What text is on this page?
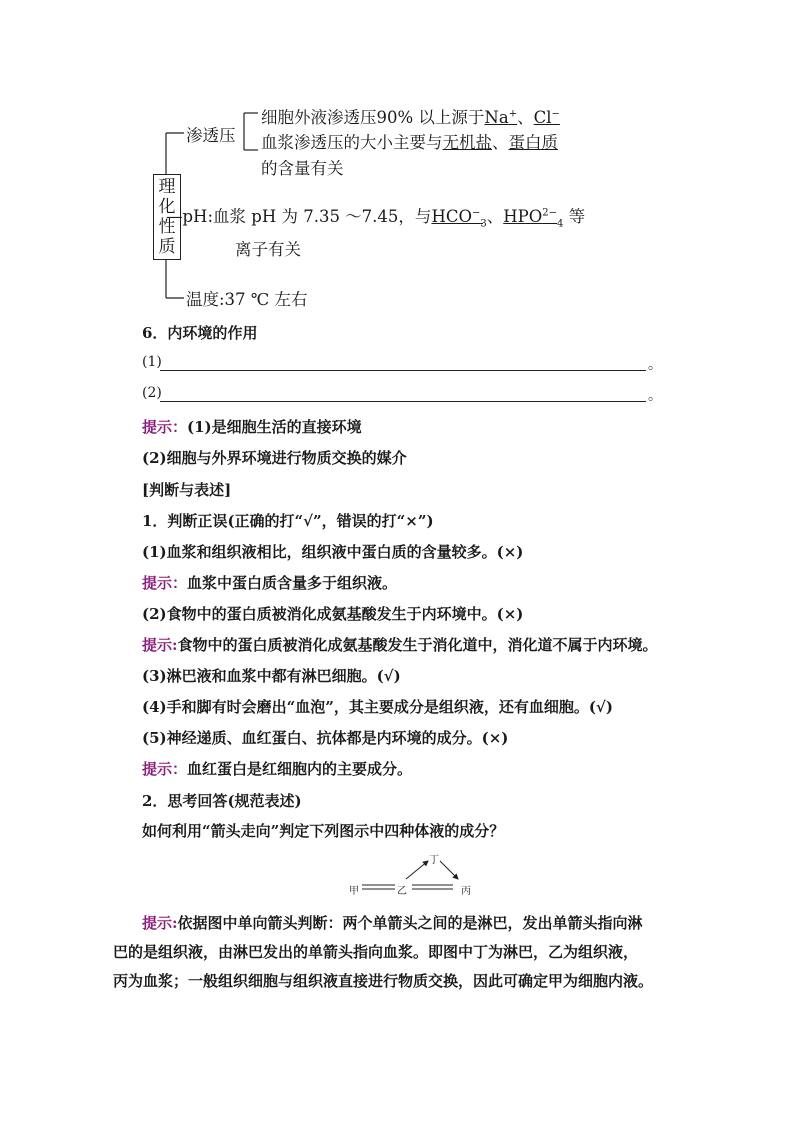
理
化
性
质
渗透压
细胞外液渗透压90% 以上源于Na+、Cl−
血浆渗透压的大小主要与无机盐、蛋白质
的含量有关
—pH:血浆 pH 为 7.35 ～7.45，与$HCO^-_3$、$HPO^{2-}_4$ 等
离子有关
温度:37 ℃ 左右
6．内环境的作用
(1)	。
(2)	。
提示：(1)是细胞生活的直接环境
(2)细胞与外界环境进行物质交换的媒介
[判断与表述]
1．判断正误(正确的打“√”，错误的打“×”)
(1)血浆和组织液相比，组织液中蛋白质的含量较多。(×)
提示：血浆中蛋白质含量多于组织液。
(2)食物中的蛋白质被消化成氨基酸发生于内环境中。(×)
提示:食物中的蛋白质被消化成氨基酸发生于消化道中，消化道不属于内环境。
(3)淋巴液和血浆中都有淋巴细胞。(√)
(4)手和脚有时会磨出“血泡”，其主要成分是组织液，还有血细胞。(√)
(5)神经递质、血红蛋白、抗体都是内环境的成分。(×)
提示：血红蛋白是红细胞内的主要成分。
2．思考回答(规范表述)
如何利用“箭头走向”判定下列图示中四种体液的成分？
甲	乙	丙
丁
提示:依据图中单向箭头判断：两个单箭头之间的是淋巴，发出单箭头指向淋
巴的是组织液，由淋巴发出的单箭头指向血浆。即图中丁为淋巴，乙为组织液，
丙为血浆；一般组织细胞与组织液直接进行物质交换，因此可确定甲为细胞内液。
